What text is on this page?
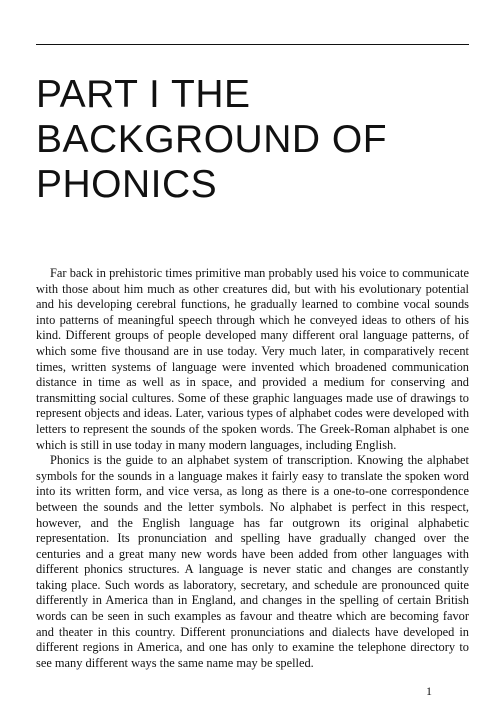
PART I THE
BACKGROUND OF
PHONICS

Far back in prehistoric times primitive man probably used his voice to communicate with those about him much as other creatures did, but with his evolutionary potential and his developing cerebral functions, he gradually learned to combine vocal sounds into patterns of meaningful speech through which he conveyed ideas to others of his kind. Different groups of people developed many different oral language patterns, of which some five thousand are in use today. Very much later, in comparatively recent times, written systems of language were invented which broadened communication distance in time as well as in space, and provided a medium for conserving and transmitting social cultures. Some of these graphic languages made use of drawings to represent objects and ideas. Later, various types of alphabet codes were developed with letters to represent the sounds of the spoken words. The Greek-Roman alphabet is one which is still in use today in many modern languages, including English.

Phonics is the guide to an alphabet system of transcription. Knowing the alphabet symbols for the sounds in a language makes it fairly easy to translate the spoken word into its written form, and vice versa, as long as there is a one-to-one correspondence between the sounds and the letter symbols. No alphabet is perfect in this respect, however, and the English language has far outgrown its original alphabetic representation. Its pronunciation and spelling have gradually changed over the centuries and a great many new words have been added from other languages with different phonics structures. A language is never static and changes are constantly taking place. Such words as laboratory, secretary, and schedule are pronounced quite differently in America than in England, and changes in the spelling of certain British words can be seen in such examples as favour and theatre which are becoming favor and theater in this country. Different pronunciations and dialects have developed in different regions in America, and one has only to examine the telephone directory to see many different ways the same name may be spelled.

1
